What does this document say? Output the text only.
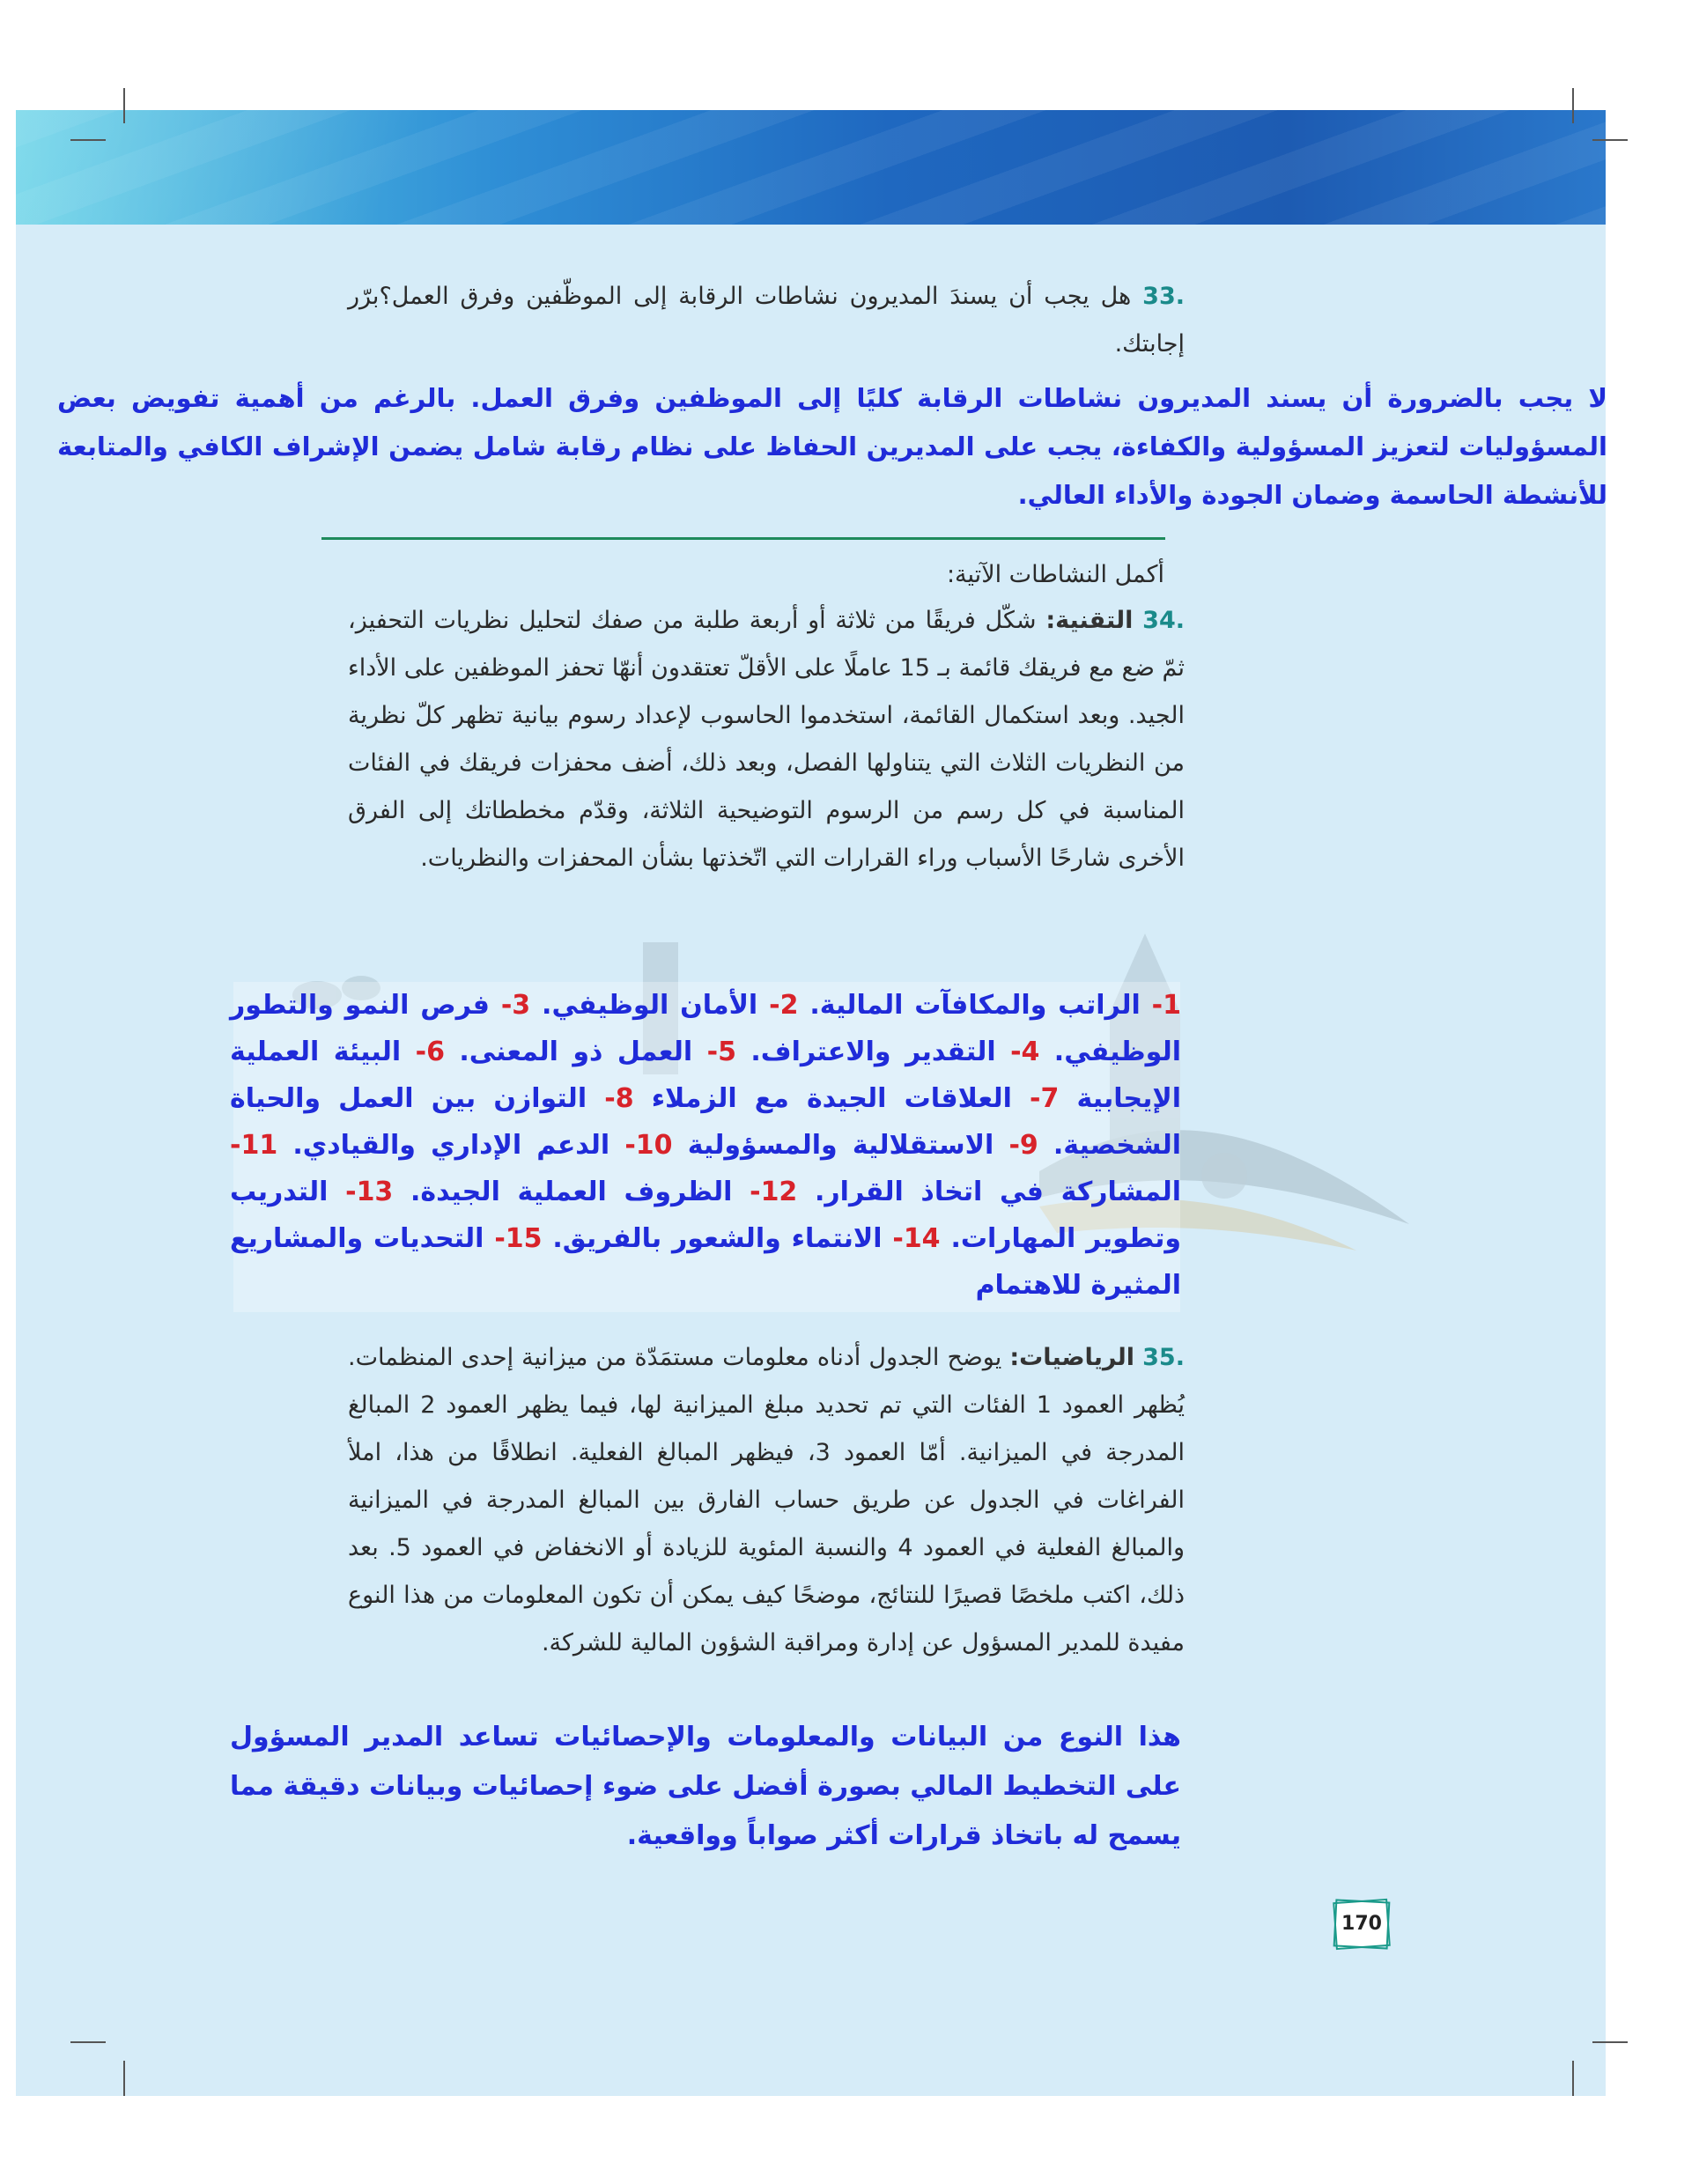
.33 هل يجب أن يسندَ المديرون نشاطات الرقابة إلى الموظّفين وفرق العمل؟برّر إجابتك.
لا يجب بالضرورة أن يسند المديرون نشاطات الرقابة كليًا إلى الموظفين وفرق العمل. بالرغم من أهمية تفويض بعض المسؤوليات لتعزيز المسؤولية والكفاءة، يجب على المديرين الحفاظ على نظام رقابة شامل يضمن الإشراف الكافي والمتابعة للأنشطة الحاسمة وضمان الجودة والأداء العالي.
أكمل النشاطات الآتية:
.34 التقنية: شكّل فريقًا من ثلاثة أو أربعة طلبة من صفك لتحليل نظريات التحفيز، ثمّ ضع مع فريقك قائمة بـ 15 عاملًا على الأقلّ تعتقدون أنهّا تحفز الموظفين على الأداء الجيد. وبعد استكمال القائمة، استخدموا الحاسوب لإعداد رسوم بيانية تظهر كلّ نظرية من النظريات الثلاث التي يتناولها الفصل، وبعد ذلك، أضف محفزات فريقك في الفئات المناسبة في كل رسم من الرسوم التوضيحية الثلاثة، وقدّم مخططاتك إلى الفرق الأخرى شارحًا الأسباب وراء القرارات التي اتّخذتها بشأن المحفزات والنظريات.
1- الراتب والمكافآت المالية. 2- الأمان الوظيفي. 3- فرص النمو والتطور الوظيفي. 4- التقدير والاعتراف. 5- العمل ذو المعنى. 6- البيئة العملية الإيجابية 7- العلاقات الجيدة مع الزملاء 8- التوازن بين العمل والحياة الشخصية. 9- الاستقلالية والمسؤولية 10- الدعم الإداري والقيادي. 11- المشاركة في اتخاذ القرار. 12- الظروف العملية الجيدة. 13- التدريب وتطوير المهارات. 14- الانتماء والشعور بالفريق. 15- التحديات والمشاريع المثيرة للاهتمام
.35 الرياضيات: يوضح الجدول أدناه معلومات مستمَدّة من ميزانية إحدى المنظمات. يُظهر العمود 1 الفئات التي تم تحديد مبلغ الميزانية لها، فيما يظهر العمود 2 المبالغ المدرجة في الميزانية. أمّا العمود 3، فيظهر المبالغ الفعلية. انطلاقًا من هذا، املأ الفراغات في الجدول عن طريق حساب الفارق بين المبالغ المدرجة في الميزانية والمبالغ الفعلية في العمود 4 والنسبة المئوية للزيادة أو الانخفاض في العمود 5. بعد ذلك، اكتب ملخصًا قصيرًا للنتائج، موضحًا كيف يمكن أن تكون المعلومات من هذا النوع مفيدة للمدير المسؤول عن إدارة ومراقبة الشؤون المالية للشركة.
هذا النوع من البيانات والمعلومات والإحصائيات تساعد المدير المسؤول على التخطيط المالي بصورة أفضل على ضوء إحصائيات وبيانات دقيقة مما يسمح له باتخاذ قرارات أكثر صواباً وواقعية.
170
